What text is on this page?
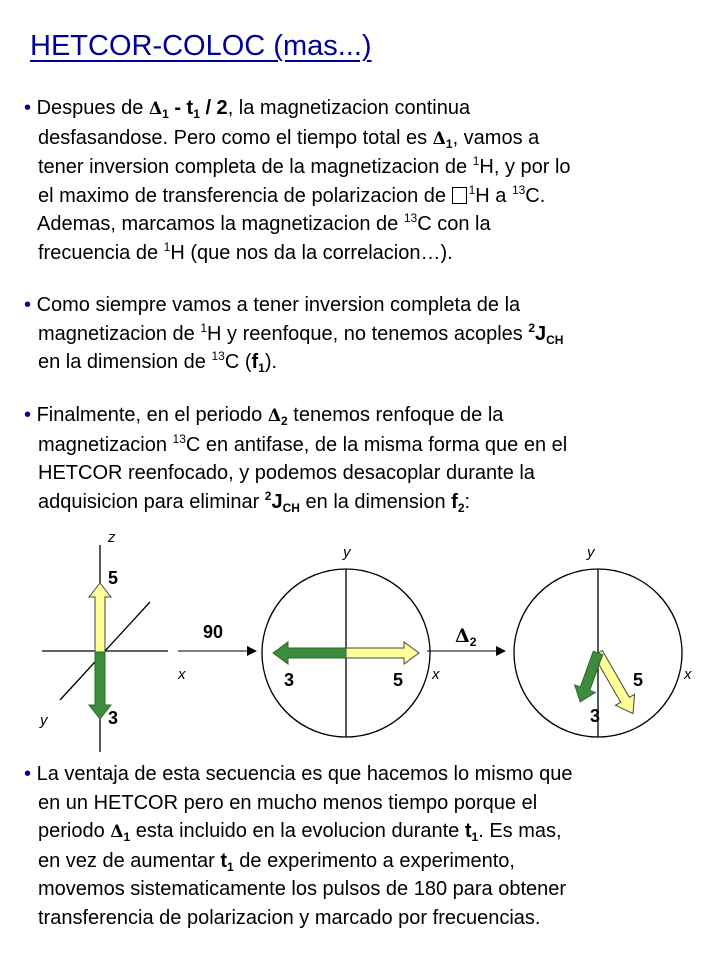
HETCOR-COLOC (mas...)
• Despues de $\Delta_1 - t_1 / 2$, la magnetizacion continua
desfasandose. Pero como el tiempo total es $\Delta_1$, vamos a
tener inversion completa de la magnetizacion de $^1$H, y por lo
el maximo de transferencia de polarizacion de $^1$H a $^{13}$C.
Ademas, marcamos la magnetizacion de $^{13}$C con la
frecuencia de $^1$H (que nos da la correlacion…).
• Como siempre vamos a tener inversion completa de la
magnetizacion de $^1$H y reenfoque, no tenemos acoples $^2J_{CH}$
en la dimension de $^{13}$C $(f_1)$.
• Finalmente, en el periodo $\Delta_2$ tenemos renfoque de la
magnetizacion $^{13}$C en antifase, de la misma forma que en el
HETCOR reenfocado, y podemos desacoplar durante la
adquisicion para eliminar $^2J_{CH}$ en la dimension $f_2$:
z
x
y
5
3
90
y
x
3	5
$\Delta_2$
y
x
5
3
• La ventaja de esta secuencia es que hacemos lo mismo que
en un HETCOR pero en mucho menos tiempo porque el
periodo $\Delta_1$ esta incluido en la evolucion durante $t_1$. Es mas,
en vez de aumentar $t_1$ de experimento a experimento,
movemos sistematicamente los pulsos de 180 para obtener
transferencia de polarizacion y marcado por frecuencias.
